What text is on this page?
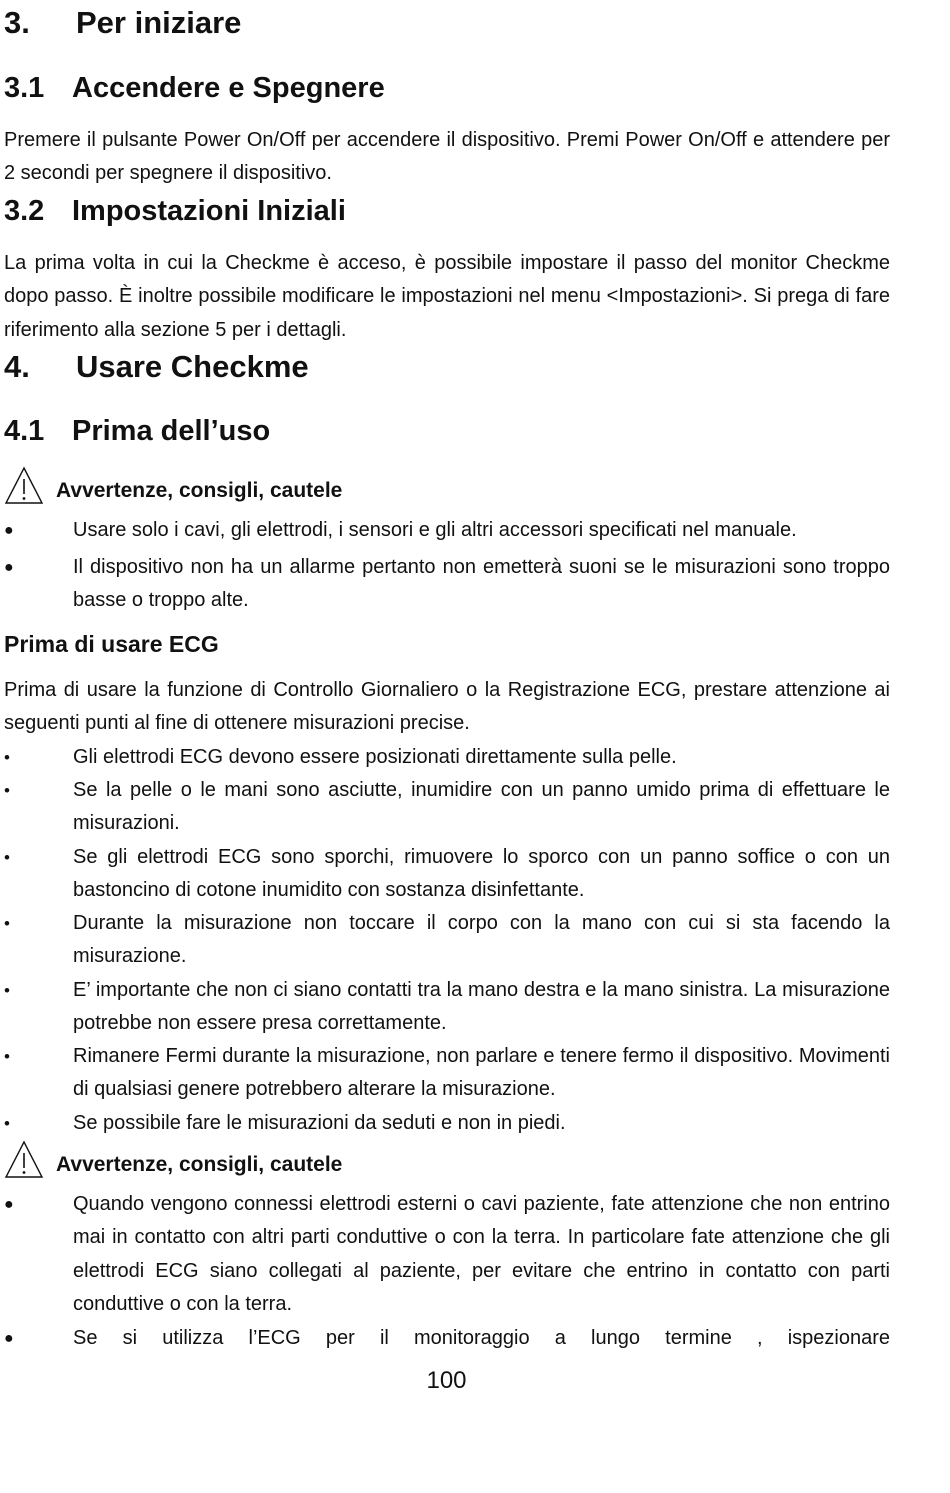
3. Per iniziare
3.1 Accendere e Spegnere

Premere il pulsante Power On/Off per accendere il dispositivo. Premi Power On/Off e attendere per 2 secondi per spegnere il dispositivo.

3.2 Impostazioni Iniziali

La prima volta in cui la Checkme è acceso, è possibile impostare il passo del monitor Checkme dopo passo. È inoltre possibile modificare le impostazioni nel menu <Impostazioni>. Si prega di fare riferimento alla sezione 5 per i dettagli.

4. Usare Checkme
4.1 Prima dell’uso
Avvertenze, consigli, cautele
●	Usare solo i cavi, gli elettrodi, i sensori e gli altri accessori specificati nel manuale.

●	Il dispositivo non ha un allarme pertanto non emetterà suoni se le misurazioni sono troppo basse o troppo alte.

Prima di usare ECG

Prima di usare la funzione di Controllo Giornaliero o la Registrazione ECG, prestare attenzione ai seguenti punti al fine di ottenere misurazioni precise.

•	Gli elettrodi ECG devono essere posizionati direttamente sulla pelle.

•	Se la pelle o le mani sono asciutte, inumidire con un panno umido prima di effettuare le misurazioni.

•	Se gli elettrodi ECG sono sporchi, rimuovere lo sporco con un panno soffice o con un bastoncino di cotone inumidito con sostanza disinfettante.

•	Durante la misurazione non toccare il corpo con la mano con cui si sta facendo la misurazione.

•	E’ importante che non ci siano contatti tra la mano destra e la mano sinistra. La misurazione potrebbe non essere presa correttamente.

•	Rimanere Fermi durante la misurazione, non parlare e tenere fermo il dispositivo. Movimenti di qualsiasi genere potrebbero alterare la misurazione.

•	Se possibile fare le misurazioni da seduti e non in piedi.

Avvertenze, consigli, cautele
●	Quando vengono connessi elettrodi esterni o cavi paziente, fate attenzione che non entrino mai in contatto con altri parti conduttive o con la terra. In particolare fate attenzione che gli elettrodi ECG siano collegati al paziente, per evitare che entrino in contatto con parti conduttive o con la terra.

●	Se si utilizza l’ECG per il monitoraggio a lungo termine , ispezionare

100
